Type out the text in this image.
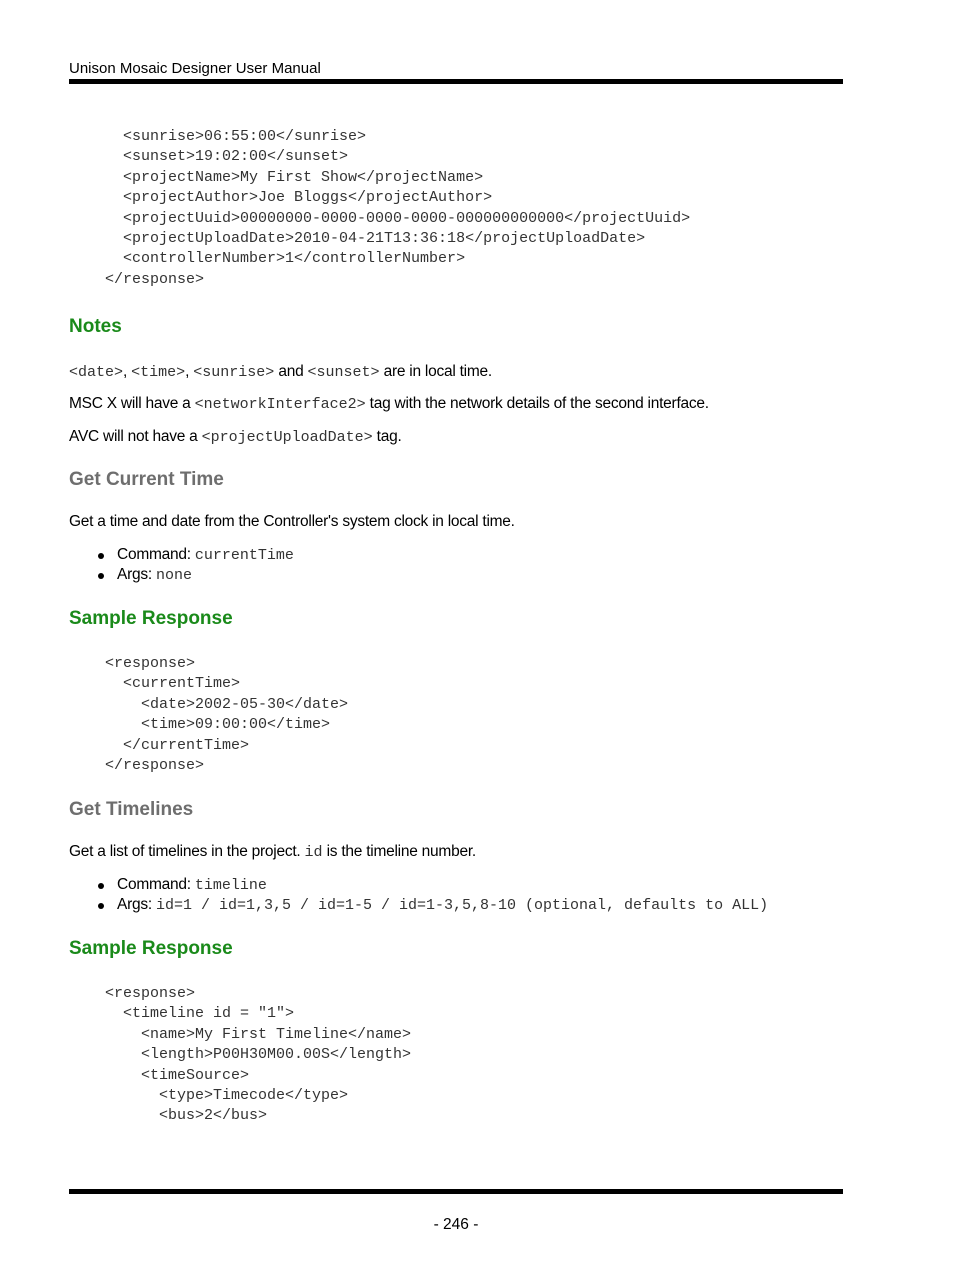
Unison Mosaic Designer User Manual
<sunrise>06:55:00</sunrise>
<sunset>19:02:00</sunset>
<projectName>My First Show</projectName>
<projectAuthor>Joe Bloggs</projectAuthor>
<projectUuid>00000000-0000-0000-0000-000000000000</projectUuid>
<projectUploadDate>2010-04-21T13:36:18</projectUploadDate>
<controllerNumber>1</controllerNumber>
</response>
Notes

<date>, <time>, <sunrise> and <sunset> are in local time.

MSC X will have a <networkInterface2> tag with the network details of the second interface.

AVC will not have a <projectUploadDate> tag.

Get Current Time

Get a time and date from the Controller's system clock in local time.

Command: currentTime
Args: none
Sample Response
<response>
<currentTime>
<date>2002-05-30</date>
<time>09:00:00</time>
</currentTime>
</response>
Get Timelines

Get a list of timelines in the project. id is the timeline number.

Command: timeline
Args: id=1 / id=1,3,5 / id=1-5 / id=1-3,5,8-10 (optional, defaults to ALL)
Sample Response
<response>
<timeline id = "1">
<name>My First Timeline</name>
<length>P00H30M00.00S</length>
<timeSource>
<type>Timecode</type>
<bus>2</bus>
- 246 -
